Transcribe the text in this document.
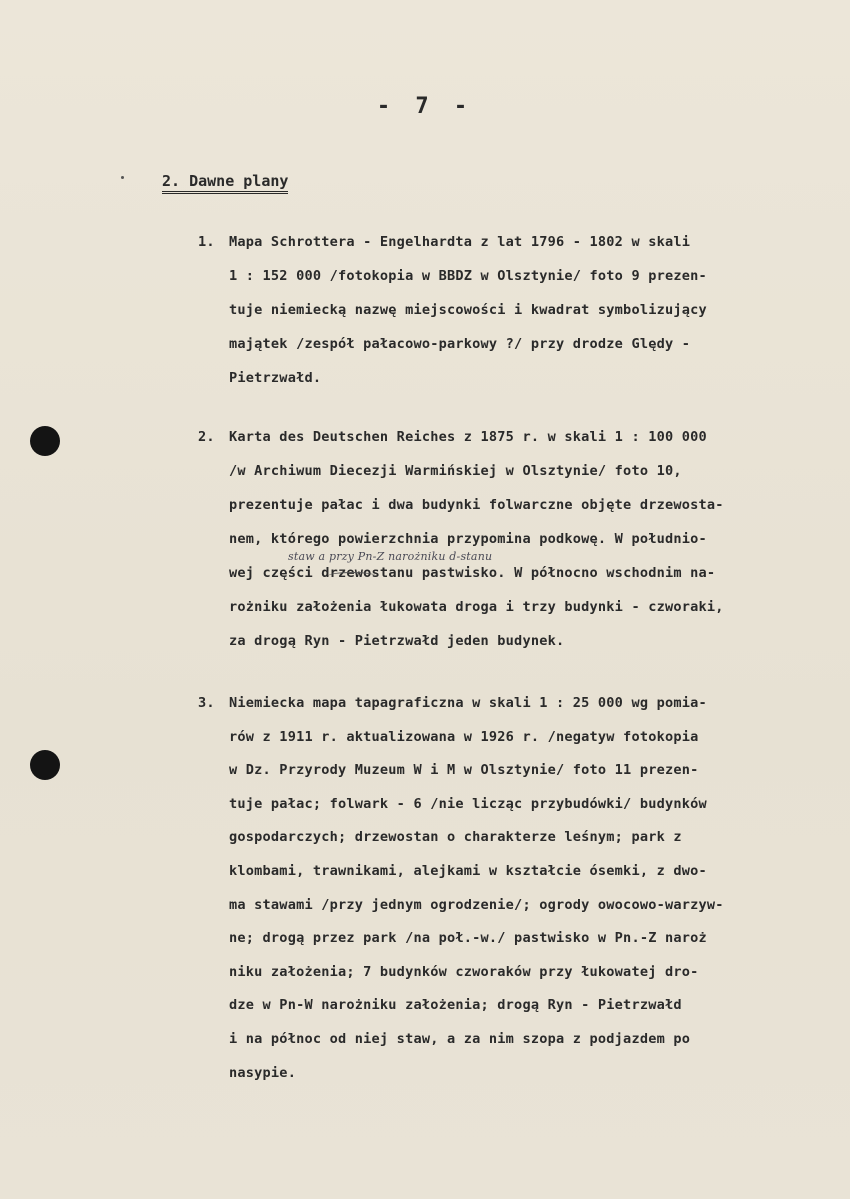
- 7 -
2. Dawne plany
1. Mapa Schrottera - Engelhardta z lat 1796 - 1802 w skali
1 : 152 000 /fotokopia w BBDZ w Olsztynie/ foto 9 prezen-
tuje niemiecką nazwę miejscowości i kwadrat symbolizujący
majątek /zespół pałacowo-parkowy ?/ przy drodze Ględy -
Pietrzwałd.
2. Karta des Deutschen Reiches z 1875 r. w skali 1 : 100 000
/w Archiwum Diecezji Warmińskiej w Olsztynie/ foto 10,
prezentuje pałac i dwa budynki folwarczne objęte drzewosta-
nem, którego powierzchnia przypomina podkowę. W południo-
staw a przy Pn-Z narożniku d-stanu
wej części drzewostanu pastwisko. W północno wschodnim na-
rożniku założenia łukowata droga i trzy budynki - czworaki,
za drogą Ryn - Pietrzwałd jeden budynek.
3. Niemiecka mapa tapagraficzna w skali 1 : 25 000 wg pomia-
rów z 1911 r. aktualizowana w 1926 r. /negatyw fotokopia
w Dz. Przyrody Muzeum W i M w Olsztynie/ foto 11 prezen-
tuje pałac; folwark - 6 /nie licząc przybudówki/ budynków
gospodarczych; drzewostan o charakterze leśnym; park z
klombami, trawnikami, alejkami w kształcie ósemki, z dwo-
ma stawami /przy jednym ogrodzenie/; ogrody owocowo-warzyw-
ne; drogą przez park /na poł.-w./ pastwisko w Pn.-Z naroż
niku założenia; 7 budynków czworaków przy łukowatej dro-
dze w Pn-W narożniku założenia; drogą Ryn - Pietrzwałd
i na północ od niej staw, a za nim szopa z podjazdem po
nasypie.
